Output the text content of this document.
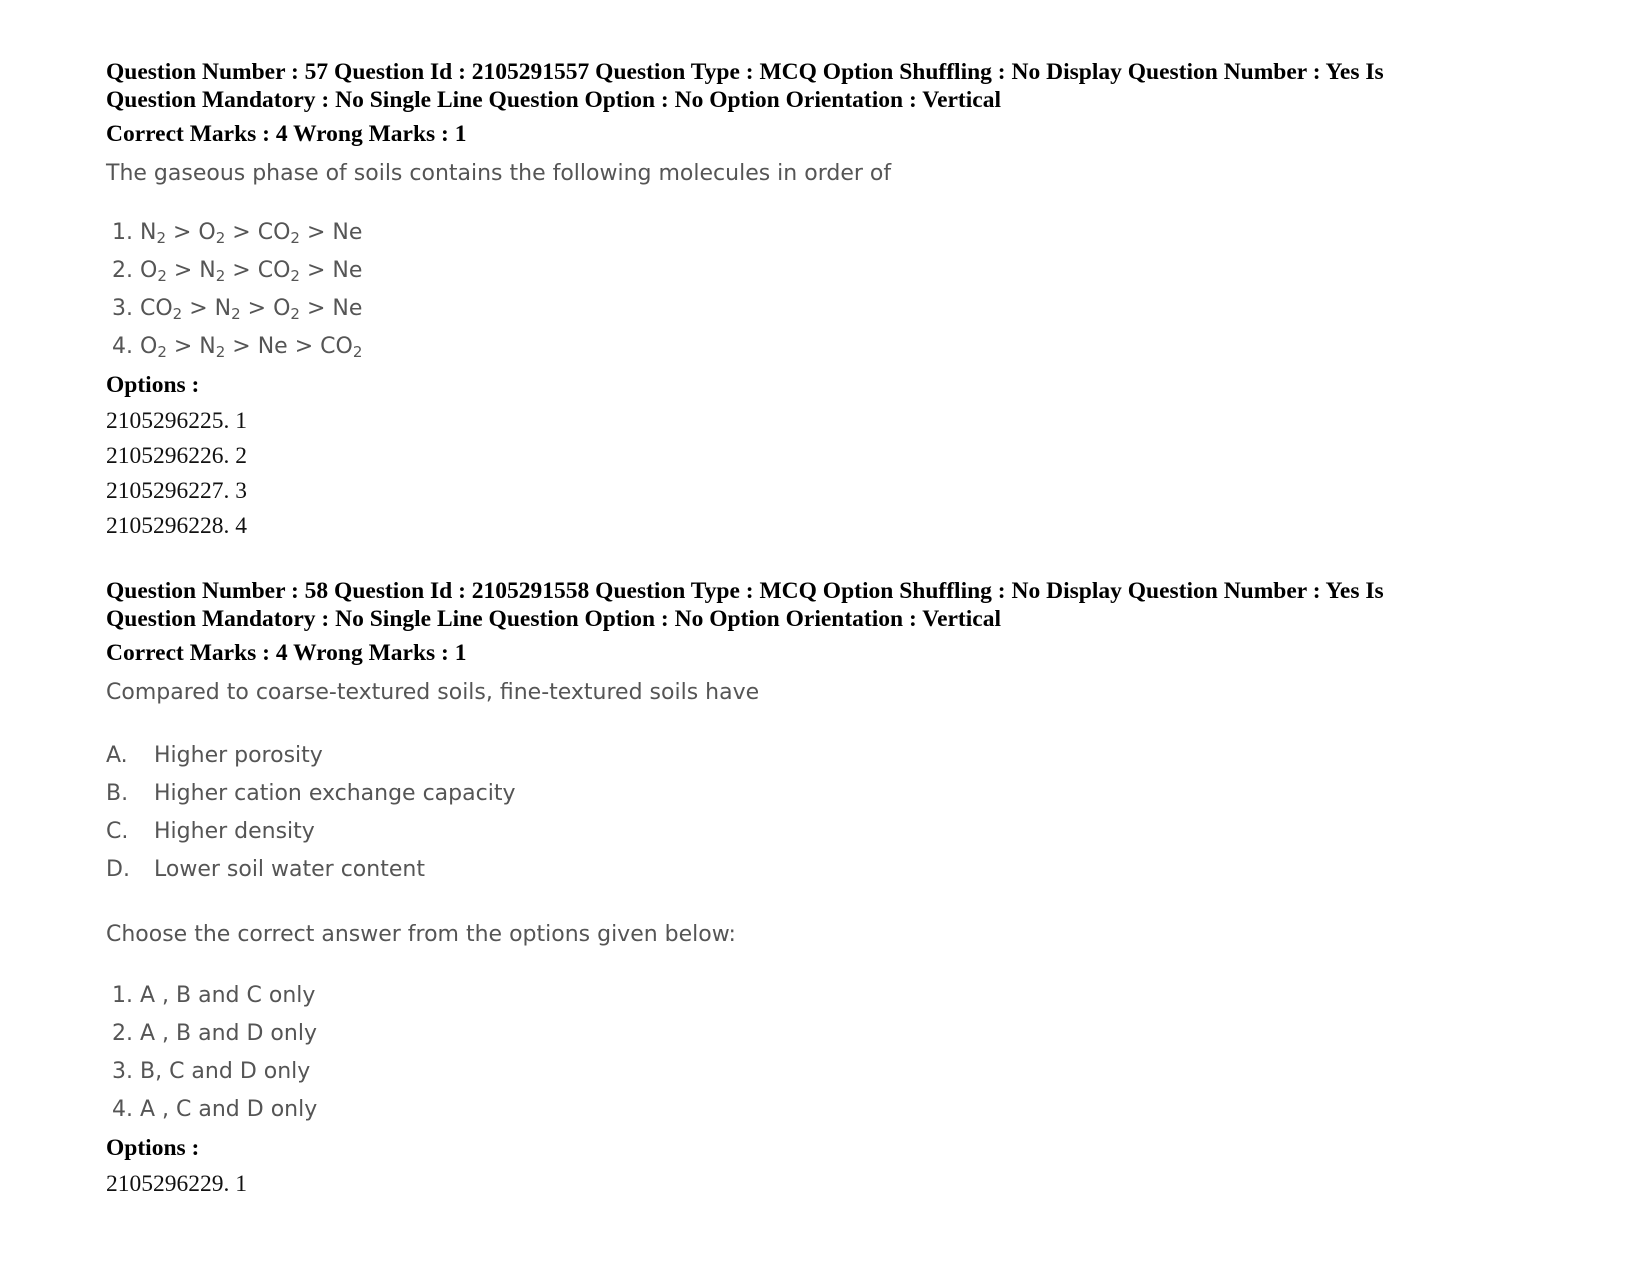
Question Number : 57 Question Id : 2105291557 Question Type : MCQ Option Shuffling : No Display Question Number : Yes Is
Question Mandatory : No Single Line Question Option : No Option Orientation : Vertical
Correct Marks : 4 Wrong Marks : 1
The gaseous phase of soils contains the following molecules in order of
1. $N_2 > O_2 > CO_2 > Ne$
2. $O_2 > N_2 > CO_2 > Ne$
3. $CO_2 > N_2 > O_2 > Ne$
4. $O_2 > N_2 > Ne > CO_2$
Options :
2105296225. 1
2105296226. 2
2105296227. 3
2105296228. 4
Question Number : 58 Question Id : 2105291558 Question Type : MCQ Option Shuffling : No Display Question Number : Yes Is
Question Mandatory : No Single Line Question Option : No Option Orientation : Vertical
Correct Marks : 4 Wrong Marks : 1
Compared to coarse-textured soils, fine-textured soils have
A.	Higher porosity
B.	Higher cation exchange capacity
C.	Higher density
D.	Lower soil water content
Choose the correct answer from the options given below:
1. A , B and C only
2. A , B and D only
3. B, C and D only
4. A , C and D only
Options :
2105296229. 1
